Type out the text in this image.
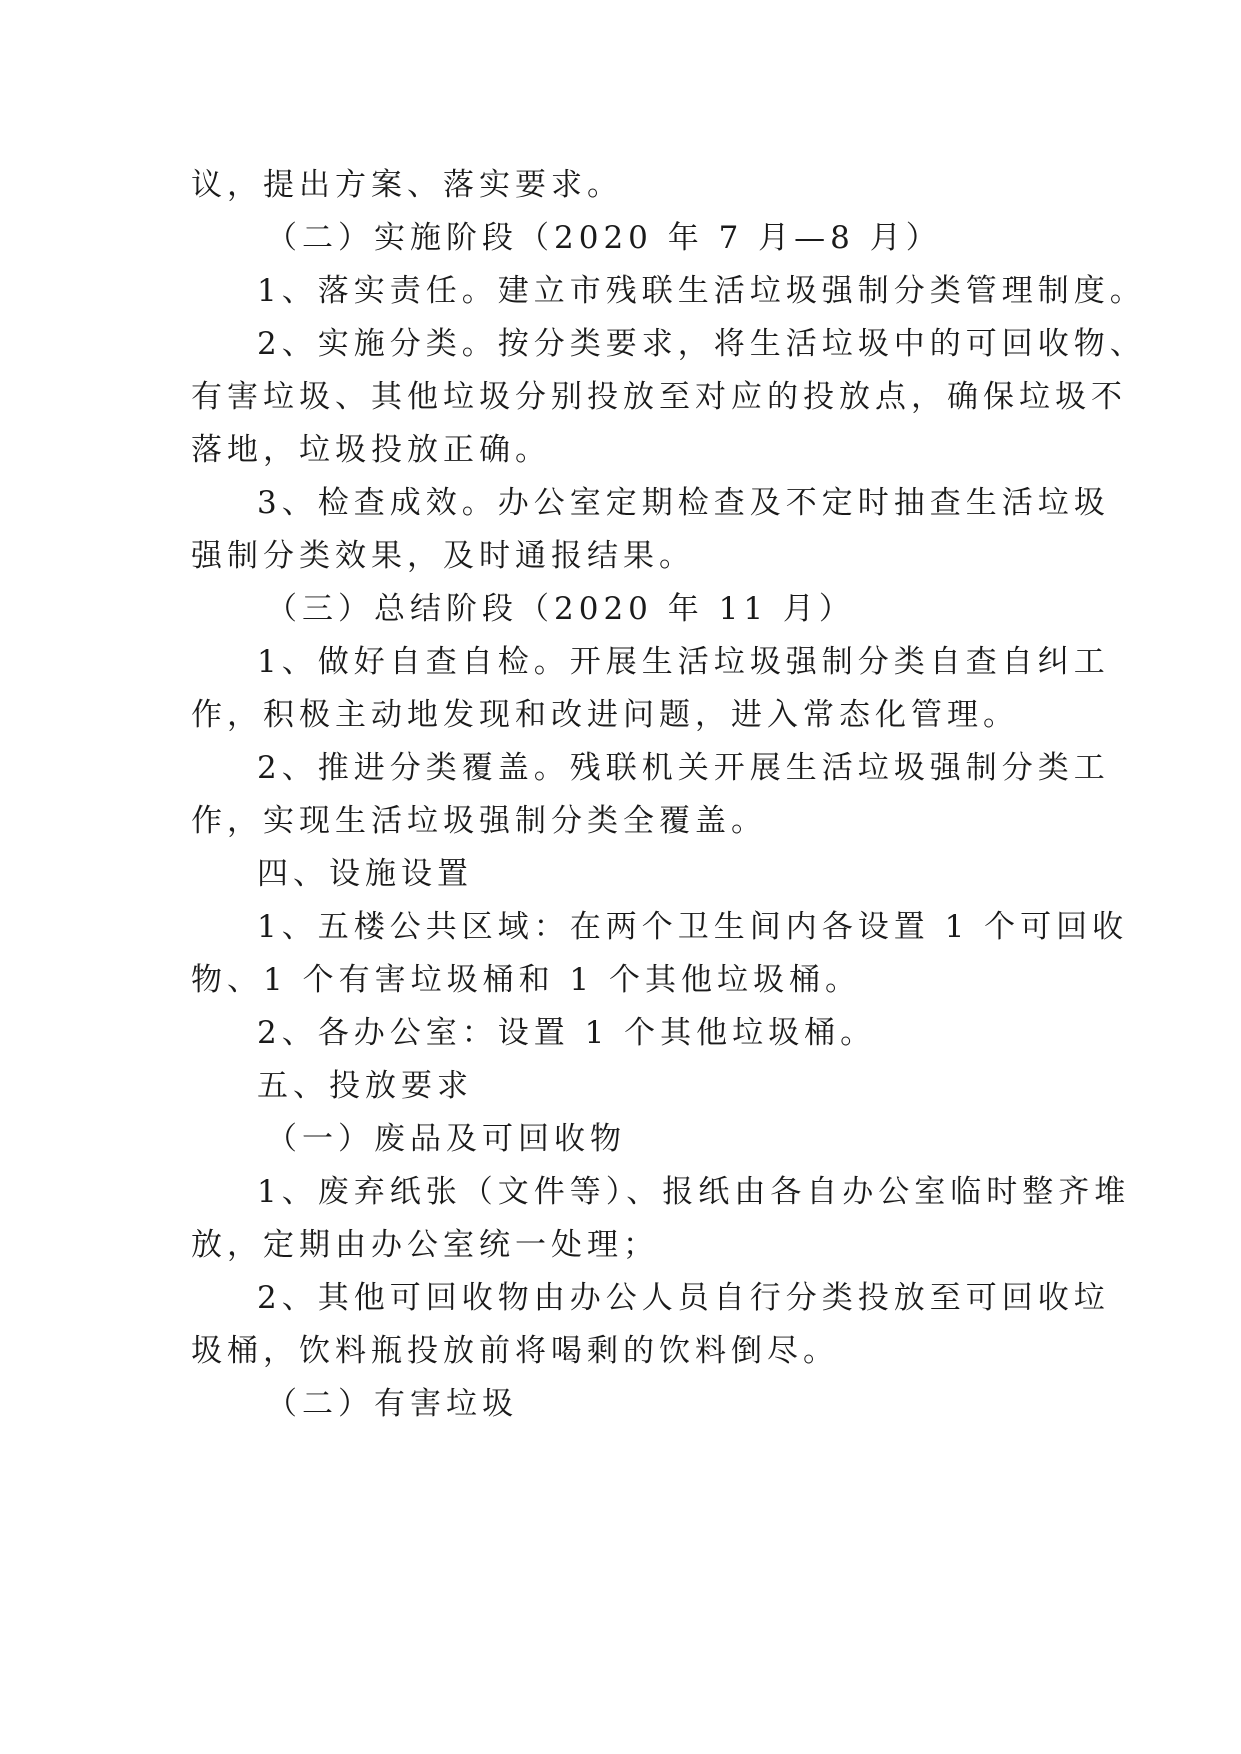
议，提出方案、落实要求。
（二）实施阶段（2020 年 7 月—8 月）
1、落实责任。建立市残联生活垃圾强制分类管理制度。
2、实施分类。按分类要求，将生活垃圾中的可回收物、
有害垃圾、其他垃圾分别投放至对应的投放点，确保垃圾不
落地，垃圾投放正确。
3、检查成效。办公室定期检查及不定时抽查生活垃圾
强制分类效果，及时通报结果。
（三）总结阶段（2020 年 11 月）
1、做好自查自检。开展生活垃圾强制分类自查自纠工
作，积极主动地发现和改进问题，进入常态化管理。
2、推进分类覆盖。残联机关开展生活垃圾强制分类工
作，实现生活垃圾强制分类全覆盖。
四、设施设置
1、五楼公共区域：在两个卫生间内各设置 1 个可回收
物、1 个有害垃圾桶和 1 个其他垃圾桶。
2、各办公室：设置 1 个其他垃圾桶。
五、投放要求
（一）废品及可回收物
1、废弃纸张（文件等）、报纸由各自办公室临时整齐堆
放，定期由办公室统一处理；
2、其他可回收物由办公人员自行分类投放至可回收垃
圾桶，饮料瓶投放前将喝剩的饮料倒尽。
（二）有害垃圾
